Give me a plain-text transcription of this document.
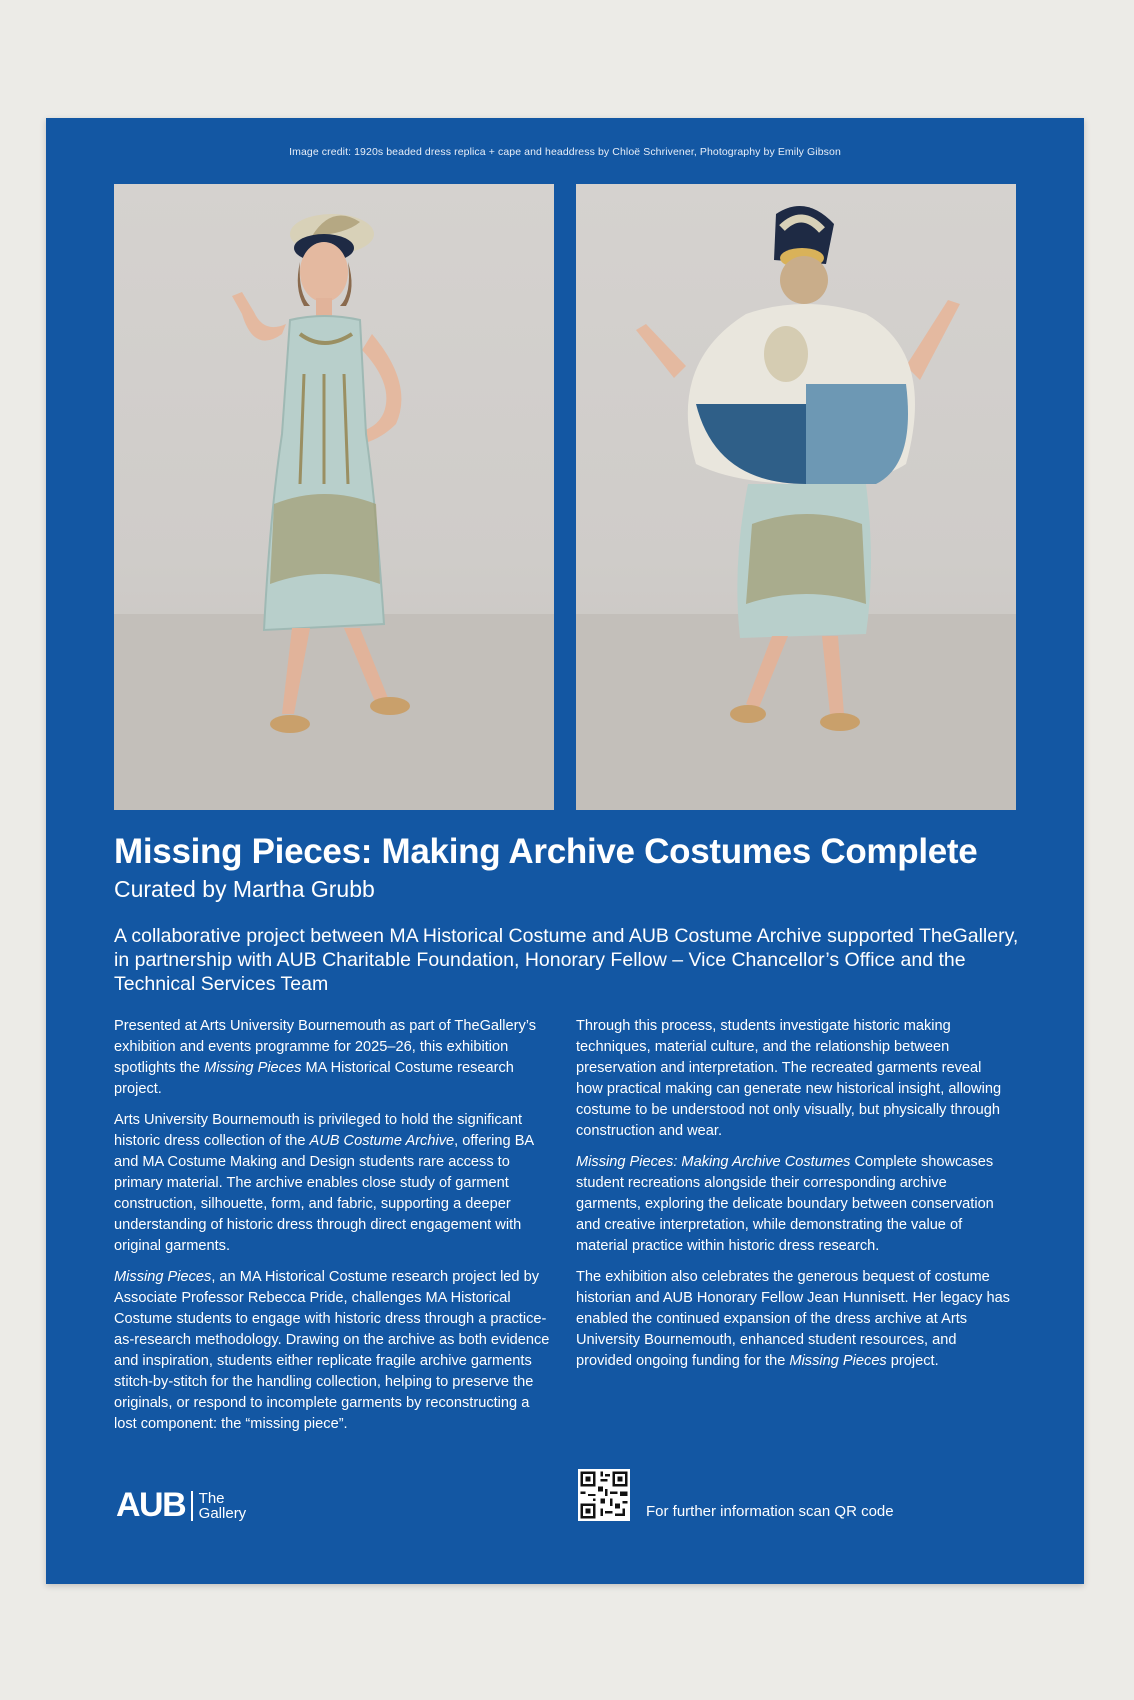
Image credit: 1920s beaded dress replica + cape and headdress by Chloë Schrivener, Photography by Emily Gibson
Missing Pieces: Making Archive Costumes Complete
Curated by Martha Grubb
A collaborative project between MA Historical Costume and AUB Costume Archive supported TheGallery, in partnership with AUB Charitable Foundation, Honorary Fellow – Vice Chancellor’s Office and the Technical Services Team

Presented at Arts University Bournemouth as part of TheGallery’s exhibition and events programme for 2025–26, this exhibition spotlights the Missing Pieces MA Historical Costume research project.

Arts University Bournemouth is privileged to hold the significant historic dress collection of the AUB Costume Archive, offering BA and MA Costume Making and Design students rare access to primary material. The archive enables close study of garment construction, silhouette, form, and fabric, supporting a deeper understanding of historic dress through direct engagement with original garments.

Missing Pieces, an MA Historical Costume research project led by Associate Professor Rebecca Pride, challenges MA Historical Costume students to engage with historic dress through a practice-as-research methodology. Drawing on the archive as both evidence and inspiration, students either replicate fragile archive garments stitch-by-stitch for the handling collection, helping to preserve the originals, or respond to incomplete garments by reconstructing a lost component: the “missing piece”.

Through this process, students investigate historic making techniques, material culture, and the relationship between preservation and interpretation. The recreated garments reveal how practical making can generate new historical insight, allowing costume to be understood not only visually, but physically through construction and wear.

Missing Pieces: Making Archive Costumes Complete showcases student recreations alongside their corresponding archive garments, exploring the delicate boundary between conservation and creative interpretation, while demonstrating the value of material practice within historic dress research.

The exhibition also celebrates the generous bequest of costume historian and AUB Honorary Fellow Jean Hunnisett. Her legacy has enabled the continued expansion of the dress archive at Arts University Bournemouth, enhanced student resources, and provided ongoing funding for the Missing Pieces project.

AUB The
Gallery	For further information scan QR code
